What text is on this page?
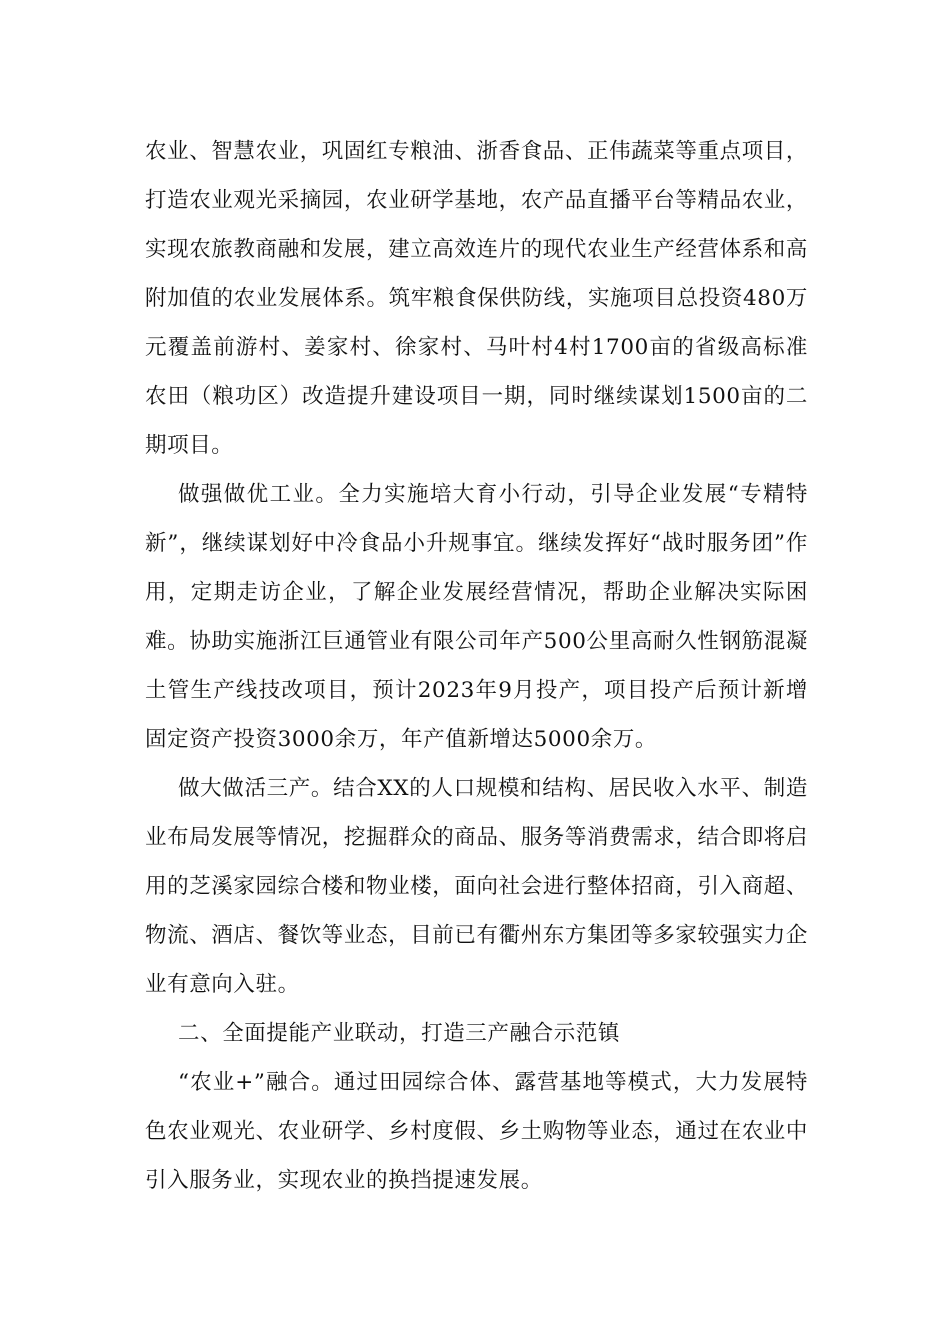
农业、智慧农业，巩固红专粮油、浙香食品、正伟蔬菜等重点项目，打造农业观光采摘园，农业研学基地，农产品直播平台等精品农业，实现农旅教商融和发展，建立高效连片的现代农业生产经营体系和高附加值的农业发展体系。筑牢粮食保供防线，实施项目总投资480万元覆盖前游村、姜家村、徐家村、马叶村4村1700亩的省级高标准农田（粮功区）改造提升建设项目一期，同时继续谋划1500亩的二期项目。

做强做优工业。全力实施培大育小行动，引导企业发展“专精特新”，继续谋划好中冷食品小升规事宜。继续发挥好“战时服务团”作用，定期走访企业，了解企业发展经营情况，帮助企业解决实际困难。协助实施浙江巨通管业有限公司年产500公里高耐久性钢筋混凝土管生产线技改项目，预计2023年9月投产，项目投产后预计新增固定资产投资3000余万，年产值新增达5000余万。

做大做活三产。结合XX的人口规模和结构、居民收入水平、制造业布局发展等情况，挖掘群众的商品、服务等消费需求，结合即将启用的芝溪家园综合楼和物业楼，面向社会进行整体招商，引入商超、物流、酒店、餐饮等业态，目前已有衢州东方集团等多家较强实力企业有意向入驻。

二、全面提能产业联动，打造三产融合示范镇

“农业+”融合。通过田园综合体、露营基地等模式，大力发展特色农业观光、农业研学、乡村度假、乡土购物等业态，通过在农业中引入服务业，实现农业的换挡提速发展。
